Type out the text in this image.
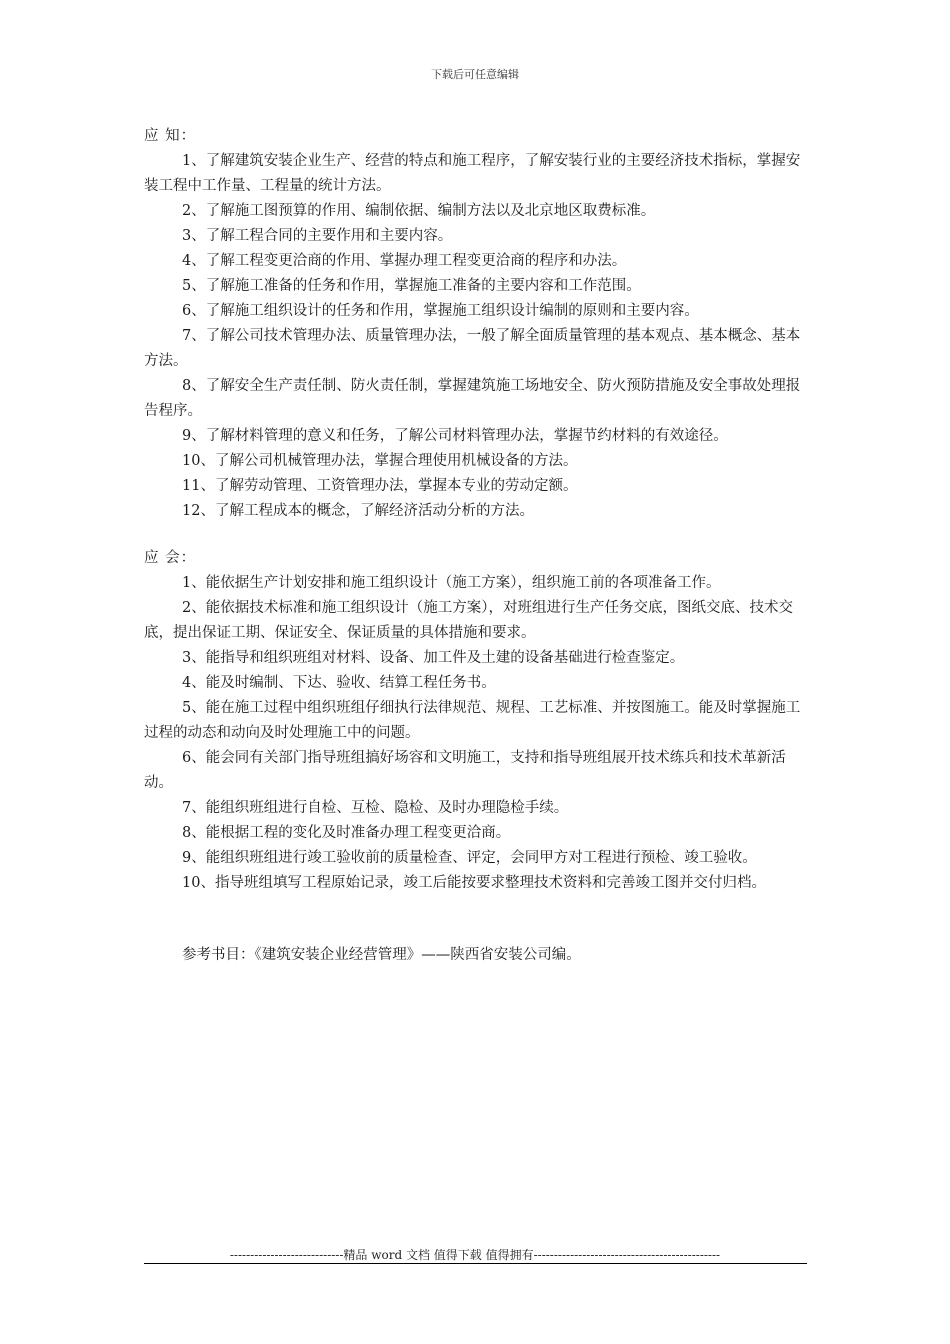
下载后可任意编辑

应 知：

1、了解建筑安装企业生产、经营的特点和施工程序，了解安装行业的主要经济技术指标，掌握安装工程中工作量、工程量的统计方法。

2、了解施工图预算的作用、编制依据、编制方法以及北京地区取费标准。

3、了解工程合同的主要作用和主要内容。

4、了解工程变更洽商的作用、掌握办理工程变更洽商的程序和办法。

5、了解施工准备的任务和作用，掌握施工准备的主要内容和工作范围。

6、了解施工组织设计的任务和作用，掌握施工组织设计编制的原则和主要内容。

7、了解公司技术管理办法、质量管理办法，一般了解全面质量管理的基本观点、基本概念、基本方法。

8、了解安全生产责任制、防火责任制，掌握建筑施工场地安全、防火预防措施及安全事故处理报告程序。

9、了解材料管理的意义和任务，了解公司材料管理办法，掌握节约材料的有效途径。

10、了解公司机械管理办法，掌握合理使用机械设备的方法。

11、了解劳动管理、工资管理办法，掌握本专业的劳动定额。

12、了解工程成本的概念，了解经济活动分析的方法。

应 会：

1、能依据生产计划安排和施工组织设计（施工方案），组织施工前的各项准备工作。

2、能依据技术标准和施工组织设计（施工方案），对班组进行生产任务交底，图纸交底、技术交底，提出保证工期、保证安全、保证质量的具体措施和要求。

3、能指导和组织班组对材料、设备、加工件及土建的设备基础进行检查鉴定。

4、能及时编制、下达、验收、结算工程任务书。

5、能在施工过程中组织班组仔细执行法律规范、规程、工艺标准、并按图施工。能及时掌握施工过程的动态和动向及时处理施工中的问题。

6、能会同有关部门指导班组搞好场容和文明施工，支持和指导班组展开技术练兵和技术革新活动。

7、能组织班组进行自检、互检、隐检、及时办理隐检手续。

8、能根据工程的变化及时准备办理工程变更洽商。

9、能组织班组进行竣工验收前的质量检查、评定，会同甲方对工程进行预检、竣工验收。

10、指导班组填写工程原始记录，竣工后能按要求整理技术资料和完善竣工图并交付归档。

参考书目：《建筑安装企业经营管理》——陕西省安装公司编。

----------------------------精品 word 文档 值得下载 值得拥有----------------------------------------------
